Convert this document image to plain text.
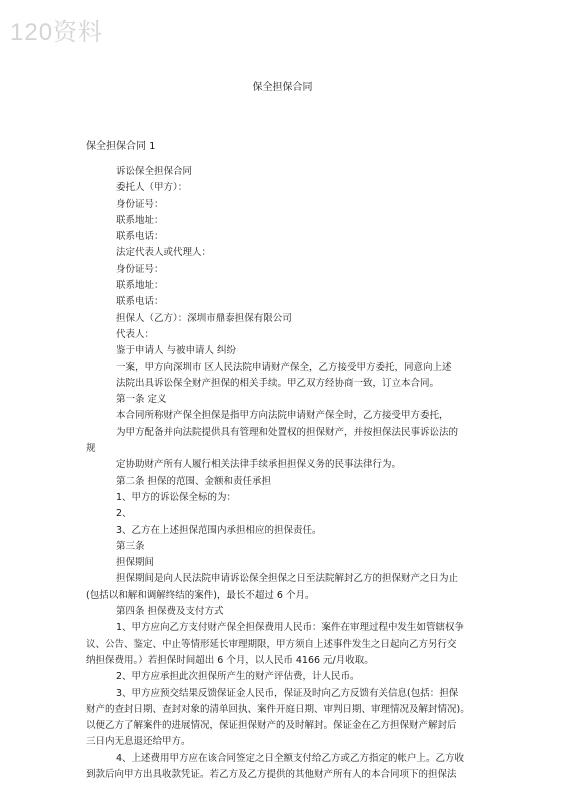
120资料
保全担保合同
保全担保合同 1

诉讼保全担保合同

委托人（甲方）：

身份证号：

联系地址：

联系电话：

法定代表人或代理人：

身份证号：

联系地址：

联系电话：

担保人（乙方）：深圳市鼎泰担保有限公司

代表人：

鉴于申请人 与被申请人 纠纷

一案，甲方向深圳市 区人民法院申请财产保全，乙方接受甲方委托，同意向上述

法院出具诉讼保全财产担保的相关手续。甲乙双方经协商一致，订立本合同。

第一条 定义

本合同所称财产保全担保是指甲方向法院申请财产保全时，乙方接受甲方委托，

为甲方配备并向法院提供具有管理和处置权的担保财产，并按担保法民事诉讼法的

规

定协助财产所有人履行相关法律手续承担担保义务的民事法律行为。

第二条 担保的范围、金额和责任承担

1、甲方的诉讼保全标的为：

2、

3、乙方在上述担保范围内承担相应的担保责任。

第三条

担保期间

担保期间是向人民法院申请诉讼保全担保之日至法院解封乙方的担保财产之日为止

(包括以和解和调解终结的案件)，最长不超过 6 个月。

第四条 担保费及支付方式

1、甲方应向乙方支付财产保全担保费用人民币：案件在审理过程中发生如管辖权争

议、公告、鉴定、中止等情形延长审理期限，甲方须自上述事件发生之日起向乙方另行交

纳担保费用。）若担保时间超出 6 个月，以人民币 4166 元/月收取。

2、甲方应承担此次担保所产生的财产评估费，计人民币。

3、甲方应预交结果反馈保证金人民币，保证及时向乙方反馈有关信息(包括：担保

财产的查封日期、查封对象的清单回执、案件开庭日期、审判日期、审理情况及解封情况)。

以便乙方了解案件的进展情况，保证担保财产的及时解封。保证金在乙方担保财产解封后

三日内无息退还给甲方。

4、上述费用甲方应在该合同签定之日全额支付给乙方或乙方指定的帐户上。乙方收

到款后向甲方出具收款凭证。若乙方及乙方提供的其他财产所有人的本合同项下的担保法
